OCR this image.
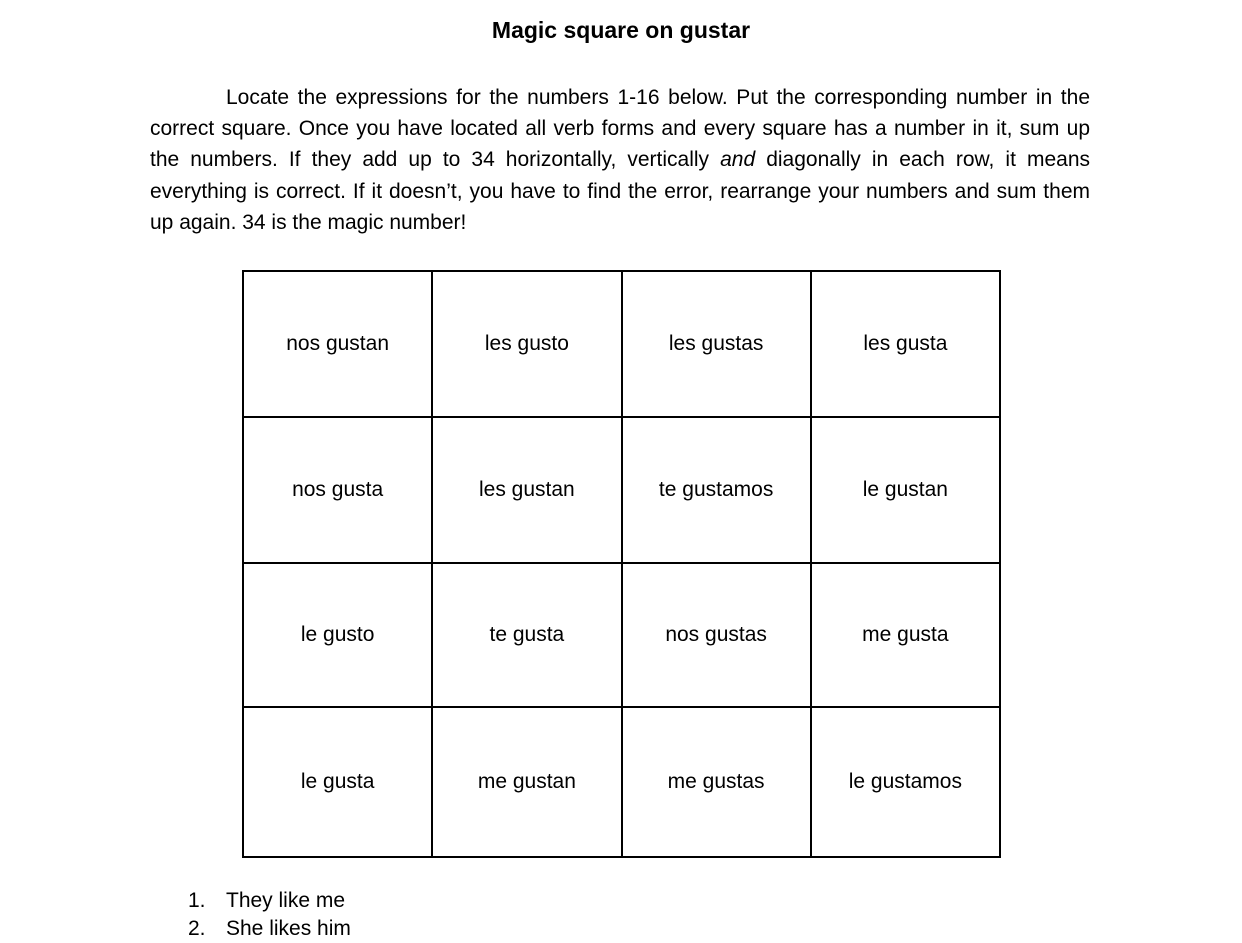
Magic square on gustar

Locate the expressions for the numbers 1-16 below. Put the corresponding number in the correct square. Once you have located all verb forms and every square has a number in it, sum up the numbers. If they add up to 34 horizontally, vertically and diagonally in each row, it means everything is correct. If it doesn’t, you have to find the error, rearrange your numbers and sum them up again. 34 is the magic number!

nos gustan	les gusto	les gustas	les gusta
nos gusta	les gustan	te gustamos	le gustan
le gusto	te gusta	nos gustas	me gusta
le gusta	me gustan	me gustas	le gustamos
1. They like me
2. She likes him
